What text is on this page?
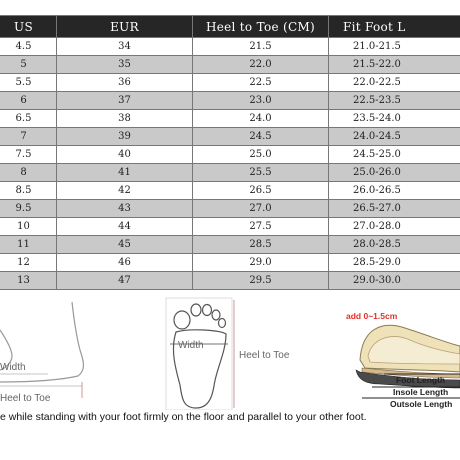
US	EUR	Heel to Toe (CM)	Fit Foot L
4.5	34	21.5	21.0-21.5
5	35	22.0	21.5-22.0
5.5	36	22.5	22.0-22.5
6	37	23.0	22.5-23.5
6.5	38	24.0	23.5-24.0
7	39	24.5	24.0-24.5
7.5	40	25.0	24.5-25.0
8	41	25.5	25.0-26.0
8.5	42	26.5	26.0-26.5
9.5	43	27.0	26.5-27.0
10	44	27.5	27.0-28.0
11	45	28.5	28.0-28.5
12	46	29.0	28.5-29.0
13	47	29.5	29.0-30.0
Width
Heel to Toe
Width
Heel to Toe
add 0~1.5cm
Foot Length
Insole Length
Outsole Length
e while standing with your foot firmly on the floor and parallel to your other foot.
